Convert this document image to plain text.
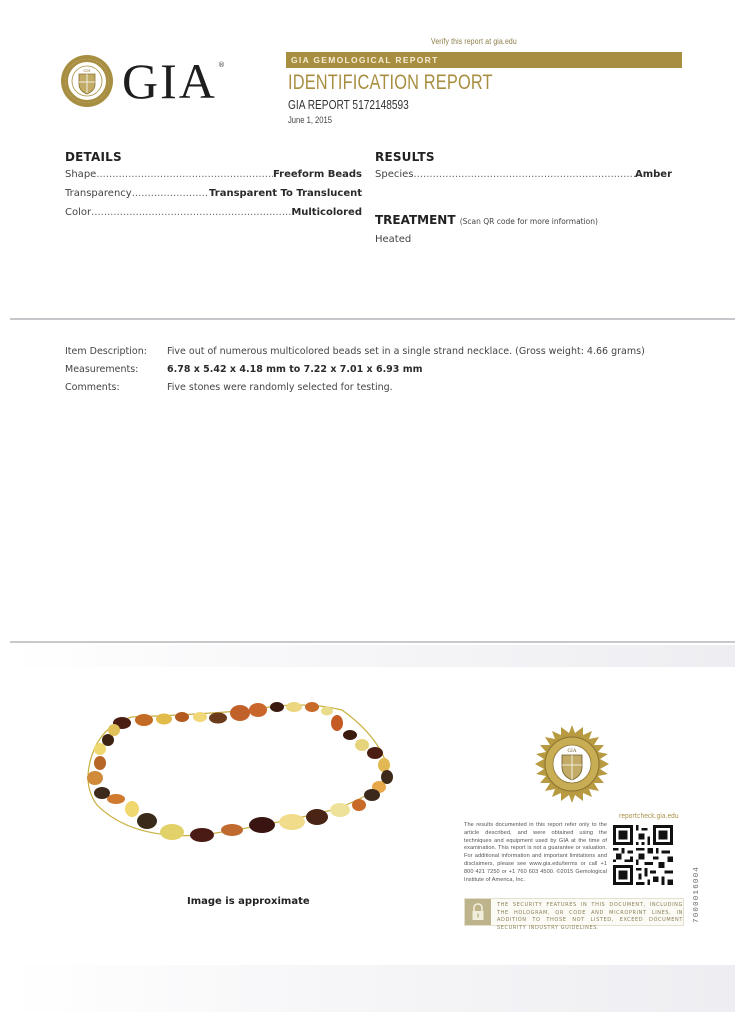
Verify this report at gia.edu
GIA GIA ®	GIA GEMOLOGICAL REPORT
IDENTIFICATION REPORT
GIA REPORT 5172148593
June 1, 2015
DETAILS
Shape .....	Freeform Beads
Transparency .....	Transparent To Translucent
Color .....	Multicolored
RESULTS
Species .....	Amber
TREATMENT (Scan QR code for more information)
Heated
Item Description:	Five out of numerous multicolored beads set in a single strand necklace. (Gross weight: 4.66 grams)
Measurements:	6.78 x 5.42 x 4.18 mm to 7.22 x 7.01 x 6.93 mm
Comments:	Five stones were randomly selected for testing.
Image is approximate
GIA
reportcheck.gia.edu
The results documented in this report refer only to the article described, and were obtained using the techniques and equipment used by GIA at the time of examination. This report is not a guarantee or valuation. For additional information and important limitations and disclaimers, please see www.gia.edu/terms or call +1 800 421 7250 or +1 760 603 4500. ©2015 Gemological Institute of America, Inc.	7000016004
THE SECURITY FEATURES IN THIS DOCUMENT, INCLUDING THE HOLOGRAM, QR CODE AND MICROPRINT LINES, IN ADDITION TO THOSE NOT LISTED, EXCEED DOCUMENT SECURITY INDUSTRY GUIDELINES.
